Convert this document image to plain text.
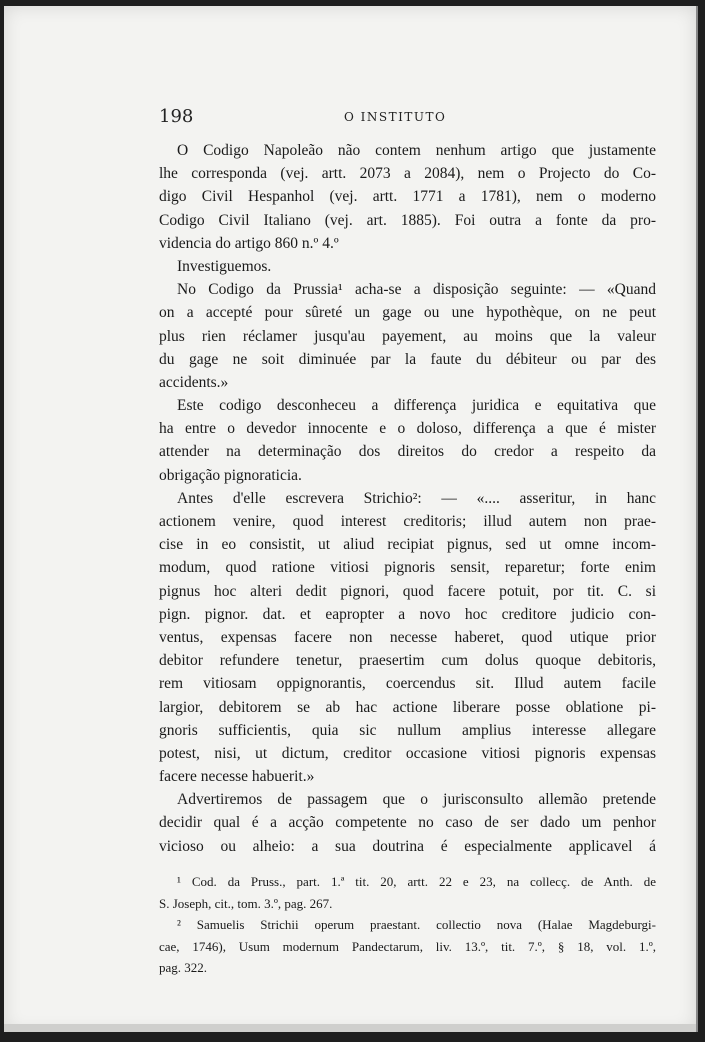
198	O INSTITUTO
O Codigo Napoleão não contem nenhum artigo que justamente
lhe corresponda (vej. artt. 2073 a 2084), nem o Projecto do Co-
digo Civil Hespanhol (vej. artt. 1771 a 1781), nem o moderno
Codigo Civil Italiano (vej. art. 1885). Foi outra a fonte da pro-
videncia do artigo 860 n.º 4.º
Investiguemos.
No Codigo da Prussia¹ acha-se a disposição seguinte: — «Quand
on a accepté pour sûreté un gage ou une hypothèque, on ne peut
plus rien réclamer jusqu'au payement, au moins que la valeur
du gage ne soit diminuée par la faute du débiteur ou par des
accidents.»
Este codigo desconheceu a differença juridica e equitativa que
ha entre o devedor innocente e o doloso, differença a que é mister
attender na determinação dos direitos do credor a respeito da
obrigação pignoraticia.
Antes d'elle escrevera Strichio²: — «.... asseritur, in hanc
actionem venire, quod interest creditoris; illud autem non prae-
cise in eo consistit, ut aliud recipiat pignus, sed ut omne incom-
modum, quod ratione vitiosi pignoris sensit, reparetur; forte enim
pignus hoc alteri dedit pignori, quod facere potuit, por tit. C. si
pign. pignor. dat. et eapropter a novo hoc creditore judicio con-
ventus, expensas facere non necesse haberet, quod utique prior
debitor refundere tenetur, praesertim cum dolus quoque debitoris,
rem vitiosam oppignorantis, coercendus sit. Illud autem facile
largior, debitorem se ab hac actione liberare posse oblatione pi-
gnoris sufficientis, quia sic nullum amplius interesse allegare
potest, nisi, ut dictum, creditor occasione vitiosi pignoris expensas
facere necesse habuerit.»
Advertiremos de passagem que o jurisconsulto allemão pretende
decidir qual é a acção competente no caso de ser dado um penhor
vicioso ou alheio: a sua doutrina é especialmente applicavel á
¹ Cod. da Pruss., part. 1.ª tit. 20, artt. 22 e 23, na collecç. de Anth. de
S. Joseph, cit., tom. 3.º, pag. 267.
² Samuelis Strichii operum praestant. collectio nova (Halae Magdeburgi-
cae, 1746), Usum modernum Pandectarum, liv. 13.º, tit. 7.º, § 18, vol. 1.º,
pag. 322.
